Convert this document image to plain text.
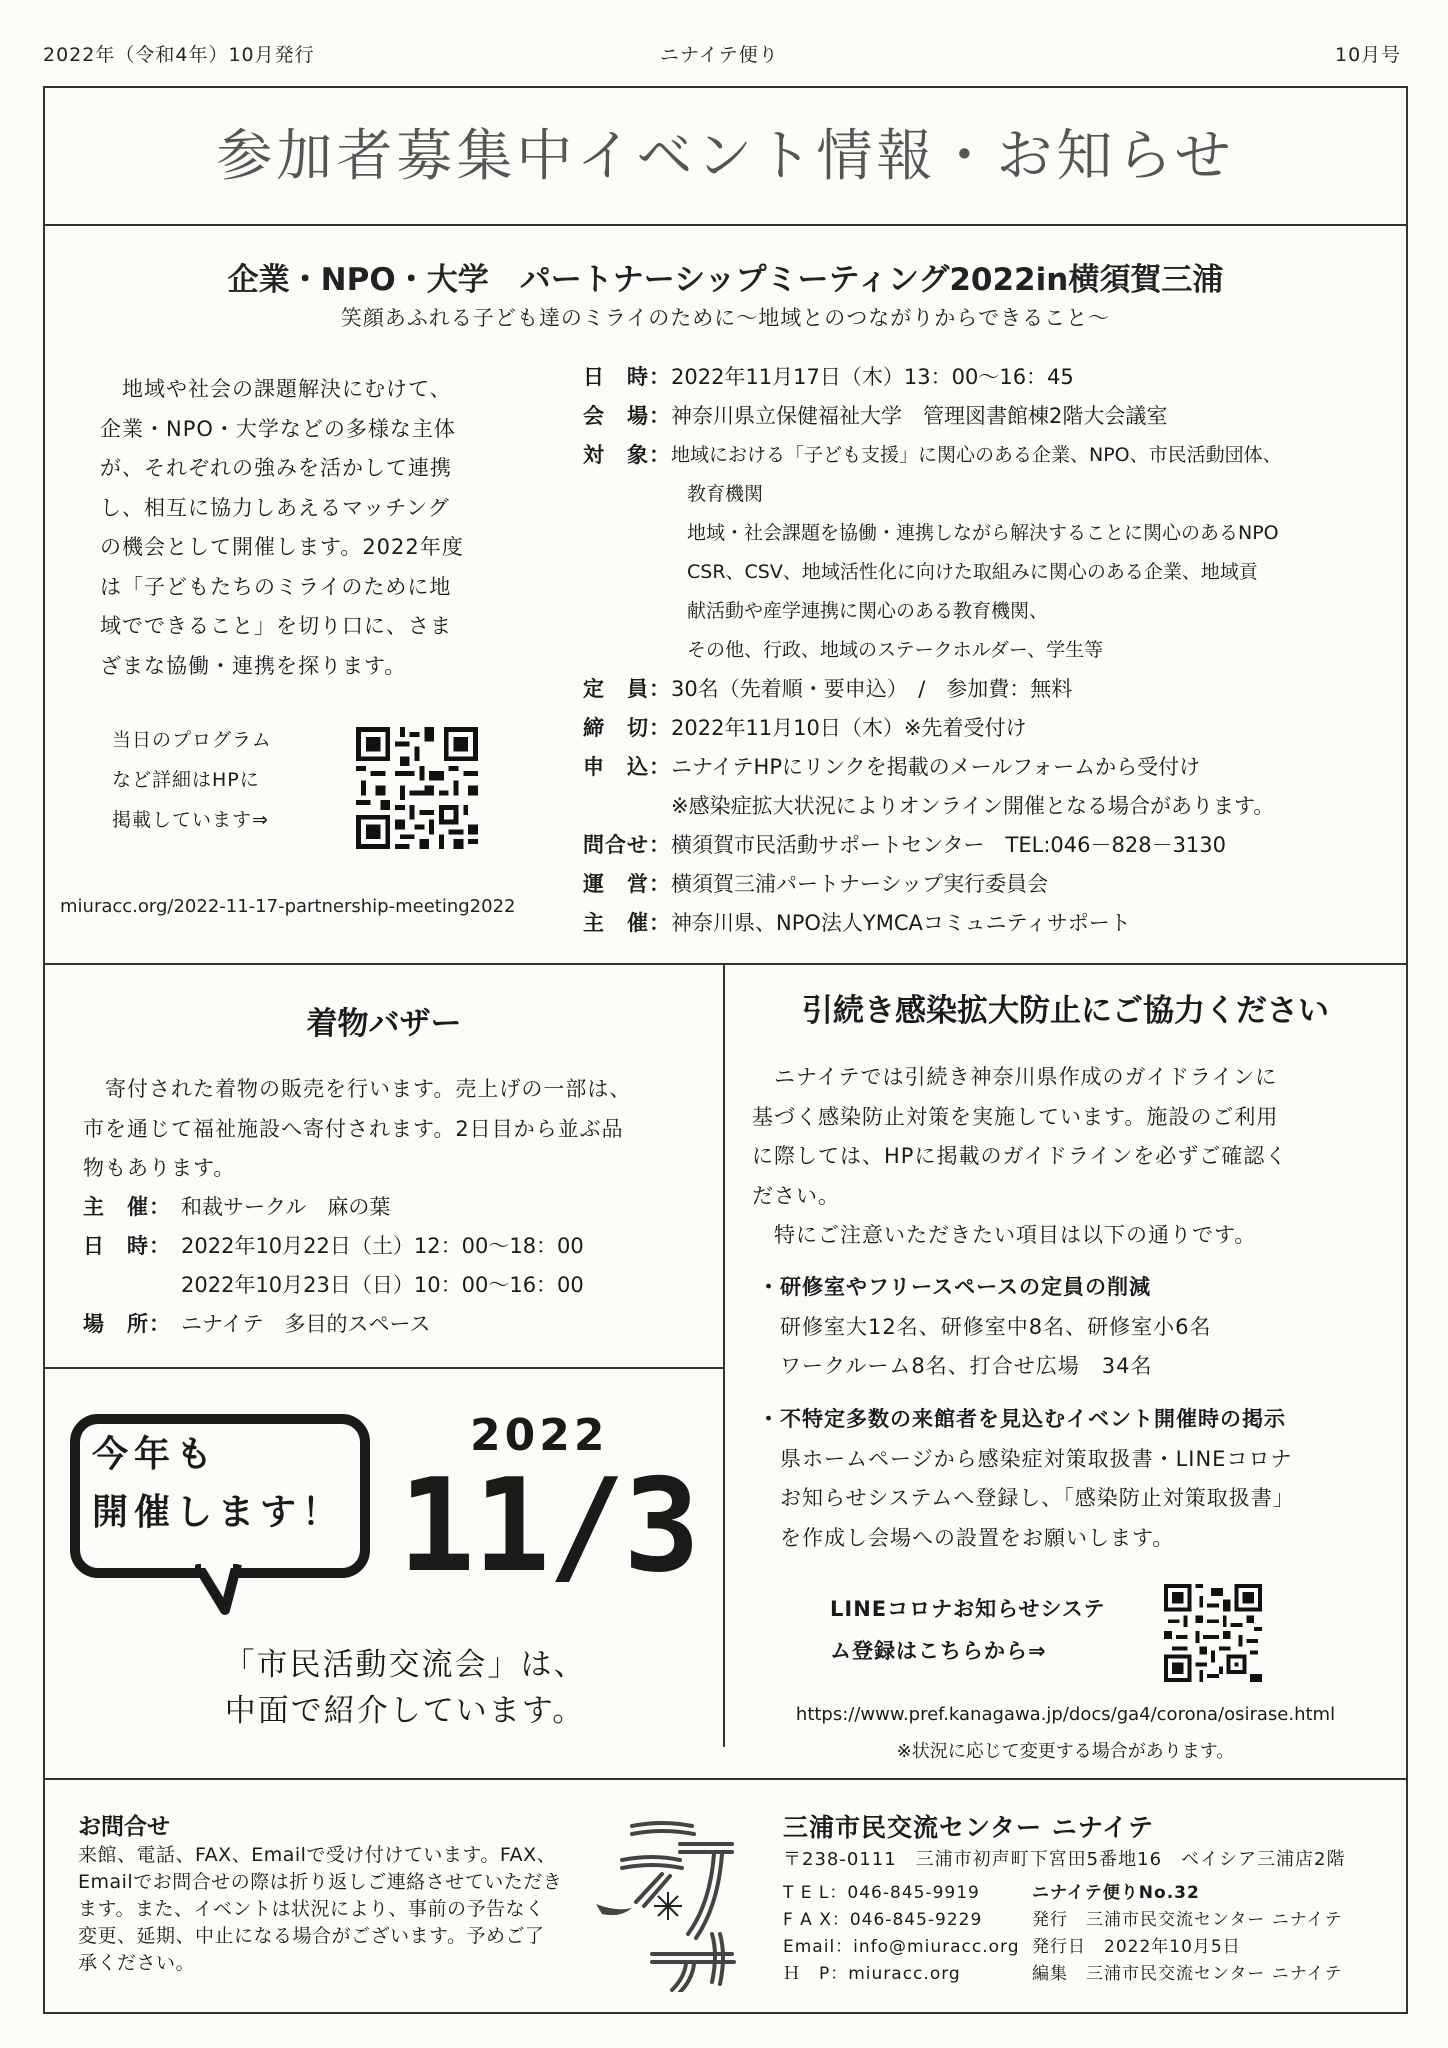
2022年（令和4年）10月発行	ニナイテ便り	10月号
参加者募集中イベント情報・お知らせ
企業・NPO・大学　パートナーシップミーティング2022in横須賀三浦
笑顔あふれる子ども達のミライのために～地域とのつながりからできること～

　地域や社会の課題解決にむけて、

企業・NPO・大学などの多様な主体

が、それぞれの強みを活かして連携

し、相互に協力しあえるマッチング

の機会として開催します。2022年度

は「子どもたちのミライのために地

域でできること」を切り口に、さま

ざまな協働・連携を探ります。

当日のプログラム
など詳細はHPに
掲載しています⇒
miuracc.org/2022-11-17-partnership-meeting2022
日　時： 2022年11月17日（木）13：00～16：45
会　場： 神奈川県立保健福祉大学　管理図書館棟2階大会議室
対　象： 地域における「子ども支援」に関心のある企業、NPO、市民活動団体、
教育機関
地域・社会課題を協働・連携しながら解決することに関心のあるNPO
CSR、CSV、地域活性化に向けた取組みに関心のある企業、地域貢
献活動や産学連携に関心のある教育機関、
その他、行政、地域のステークホルダー、学生等
定　員： 30名（先着順・要申込）　/　参加費：無料
締　切： 2022年11月10日（木）※先着受付け
申　込： ニナイテHPにリンクを掲載のメールフォームから受付け
※感染症拡大状況によりオンライン開催となる場合があります。
問合せ： 横須賀市民活動サポートセンター　TEL:046－828－3130
運　営： 横須賀三浦パートナーシップ実行委員会
主　催： 神奈川県、NPO法人YMCAコミュニティサポート
着物バザー

　寄付された着物の販売を行います。売上げの一部は、

市を通じて福祉施設へ寄付されます。2日目から並ぶ品

物もあります。

主　催： 和裁サークル　麻の葉
日　時： 2022年10月22日（土）12：00～18：00
2022年10月23日（日）10：00～16：00
場　所： ニナイテ　多目的スペース
今年も
開催します！
2022
11/3
「市民活動交流会」は、
中面で紹介しています。
引続き感染拡大防止にご協力ください

　ニナイテでは引続き神奈川県作成のガイドラインに

基づく感染防止対策を実施しています。施設のご利用

に際しては、HPに掲載のガイドラインを必ずご確認く

ださい。

　特にご注意いただきたい項目は以下の通りです。

・研修室やフリースペースの定員の削減
研修室大12名、研修室中8名、研修室小6名
ワークルーム8名、打合せ広場　34名
・不特定多数の来館者を見込むイベント開催時の掲示
県ホームページから感染症対策取扱書・LINEコロナ
お知らせシステムへ登録し、「感染防止対策取扱書」
を作成し会場への設置をお願いします。
LINEコロナお知らせシステ
ム登録はこちらから⇒
https://www.pref.kanagawa.jp/docs/ga4/corona/osirase.html
※状況に応じて変更する場合があります。
お問合せ
来館、電話、FAX、Emailで受け付けています。FAX、Emailでお問合せの際は折り返しご連絡させていただきます。また、イベントは状況により、事前の予告なく変更、延期、中止になる場合がございます。予めご了承ください。
三浦市民交流センター ニナイテ
〒238-0111　三浦市初声町下宮田5番地16　ベイシア三浦店2階
T E L：046-845-9919
F A X：046-845-9229
Email：info@miuracc.org
Ｈ　P：miuracc.org
ニナイテ便りNo.32
発行　三浦市民交流センター ニナイテ
発行日　2022年10月5日
編集　三浦市民交流センター ニナイテ
